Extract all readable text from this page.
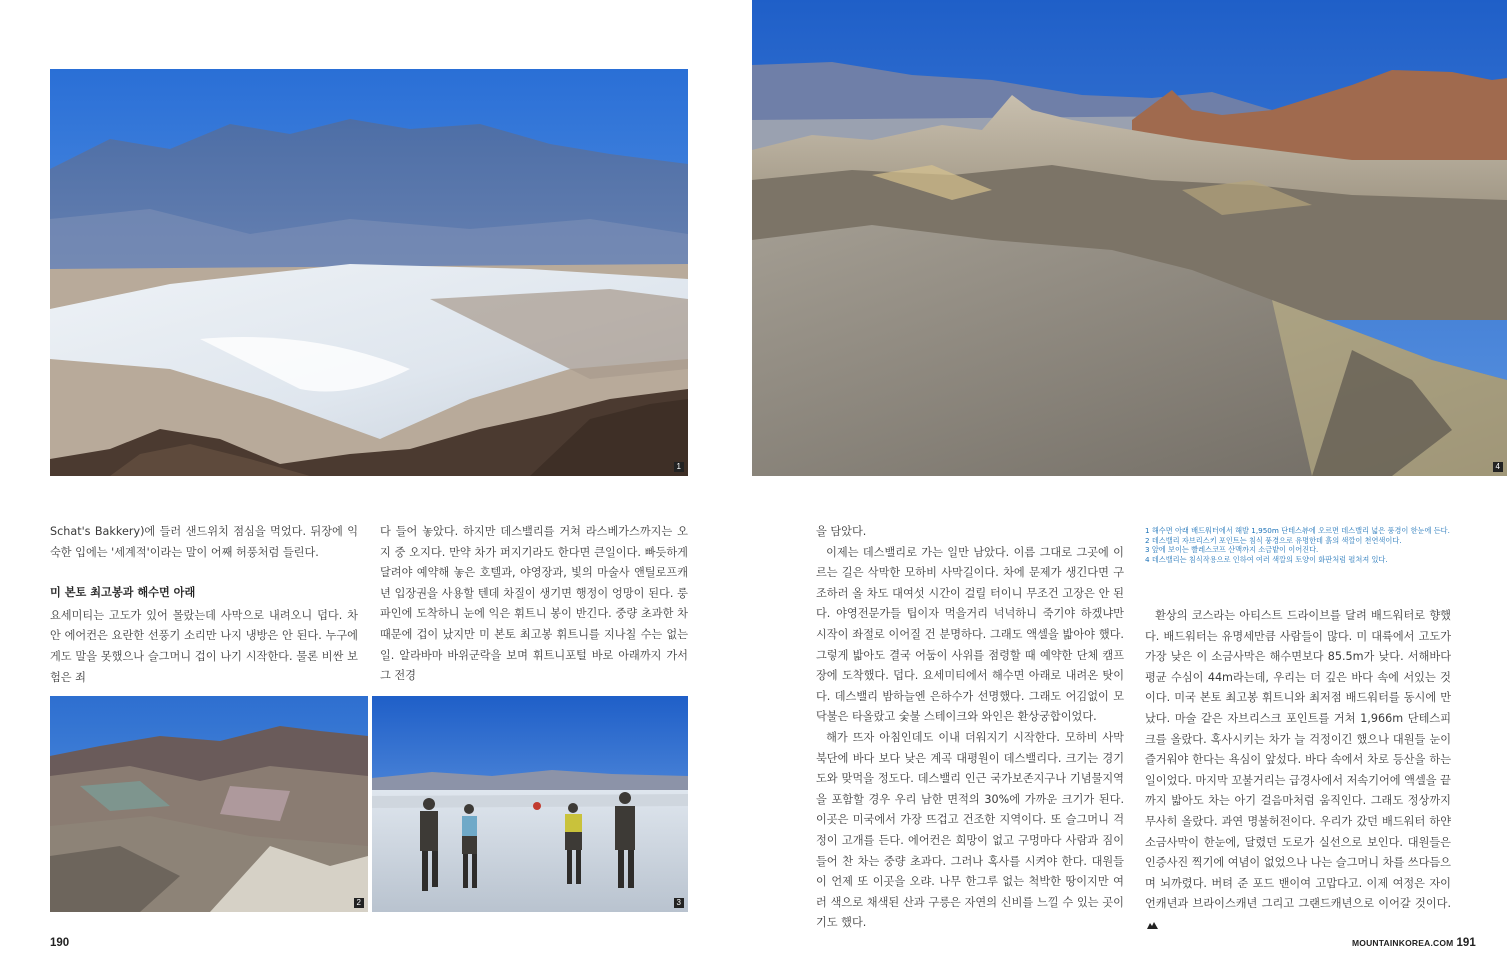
1	4
2	3

Schat's Bakkery)에 들러 샌드위치 점심을 먹었다. 뒤장에 익숙한 입에는 '세계적'이라는 말이 어째 허풍처럼 들린다.

미 본토 최고봉과 해수면 아래

요세미티는 고도가 있어 몰랐는데 사막으로 내려오니 덥다. 차 안 에어컨은 요란한 선풍기 소리만 나지 냉방은 안 된다. 누구에게도 말을 못했으나 슬그머니 겁이 나기 시작한다. 물론 비싼 보험은 죄

다 들어 놓았다. 하지만 데스밸리를 거쳐 라스베가스까지는 오지 중 오지다. 만약 차가 퍼지기라도 한다면 큰일이다. 빠듯하게 달려야 예약해 놓은 호텔과, 야영장과, 빛의 마술사 앤틸로프캐년 입장권을 사용할 텐데 차질이 생기면 행정이 엉망이 된다. 룽파인에 도착하니 눈에 익은 휘트니 봉이 반긴다. 중량 초과한 차 때문에 겁이 났지만 미 본토 최고봉 휘트니를 지나칠 수는 없는 일. 알라바마 바위군락을 보며 휘트니포털 바로 아래까지 가서 그 전경

을 담았다.

이제는 데스밸리로 가는 일만 남았다. 이름 그대로 그곳에 이르는 길은 삭막한 모하비 사막길이다. 차에 문제가 생긴다면 구조하러 올 차도 대여섯 시간이 걸릴 터이니 무조건 고장은 안 된다. 야영전문가들 팁이자 먹을거리 넉넉하니 죽기야 하겠냐만 시작이 좌절로 이어질 건 분명하다. 그래도 액셀을 밟아야 했다. 그렇게 밟아도 결국 어둠이 사위를 점령할 때 예약한 단체 캠프장에 도착했다. 덥다. 요세미티에서 해수면 아래로 내려온 탓이다. 데스밸리 밤하늘엔 은하수가 선명했다. 그래도 어김없이 모닥불은 타올랐고 숯불 스테이크와 와인은 환상궁합이었다.

해가 뜨자 아침인데도 이내 더워지기 시작한다. 모하비 사막 북단에 바다 보다 낮은 계곡 대평원이 데스밸리다. 크기는 경기도와 맞먹을 정도다. 데스밸리 인근 국가보존지구나 기념물지역을 포함할 경우 우리 남한 면적의 30%에 가까운 크기가 된다. 이곳은 미국에서 가장 뜨겁고 건조한 지역이다. 또 슬그머니 걱정이 고개를 든다. 에어컨은 희망이 없고 구멍마다 사람과 짐이 들어 찬 차는 중량 초과다. 그러나 혹사를 시켜야 한다. 대원들이 언제 또 이곳을 오랴. 나무 한그루 없는 척박한 땅이지만 여러 색으로 채색된 산과 구릉은 자연의 신비를 느낄 수 있는 곳이기도 했다.

1 해수면 아래 배드워터에서 해발 1,950m 단테스뷰에 오르면 데스밸리 넓은 풍경이 한눈에 든다.
2 데스밸리 자브리스키 포인트는 침식 풍경으로 유명한데 흙의 색깔이 천연색이다.
3 앞에 보이는 빨레스코프 산맥까지 소금밭이 이어진다.
4 데스밸리는 침식작용으로 인하여 여러 색깔의 토양이 화판처럼 펼쳐져 있다.

환상의 코스라는 아티스트 드라이브를 달려 배드워터로 향했다. 배드워터는 유명세만큼 사람들이 많다. 미 대륙에서 고도가 가장 낮은 이 소금사막은 해수면보다 85.5m가 낮다. 서해바다 평균 수심이 44m라는데, 우리는 더 깊은 바다 속에 서있는 것이다. 미국 본토 최고봉 휘트니와 최저점 배드워터를 동시에 만났다. 마술 같은 자브리스크 포인트를 거쳐 1,966m 단테스피크를 올랐다. 혹사시키는 차가 늘 걱정이긴 했으나 대원들 눈이 즐거워야 한다는 욕심이 앞섰다. 바다 속에서 차로 등산을 하는 일이었다. 마지막 꼬불거리는 급경사에서 저속기어에 액셀을 끝까지 밟아도 차는 아기 걸음마처럼 움직인다. 그래도 정상까지 무사히 올랐다. 과연 명불허전이다. 우리가 갔던 배드워터 하얀 소금사막이 한눈에, 달렸던 도로가 실선으로 보인다. 대원들은 인증사진 찍기에 여념이 없었으나 나는 슬그머니 차를 쓰다듬으며 뇌까렸다. 버텨 준 포드 밴이여 고맙다고. 이제 여정은 자이언캐년과 브라이스캐년 그리고 그랜드캐년으로 이어갈 것이다.

190	MOUNTAINKOREA.COM 191
